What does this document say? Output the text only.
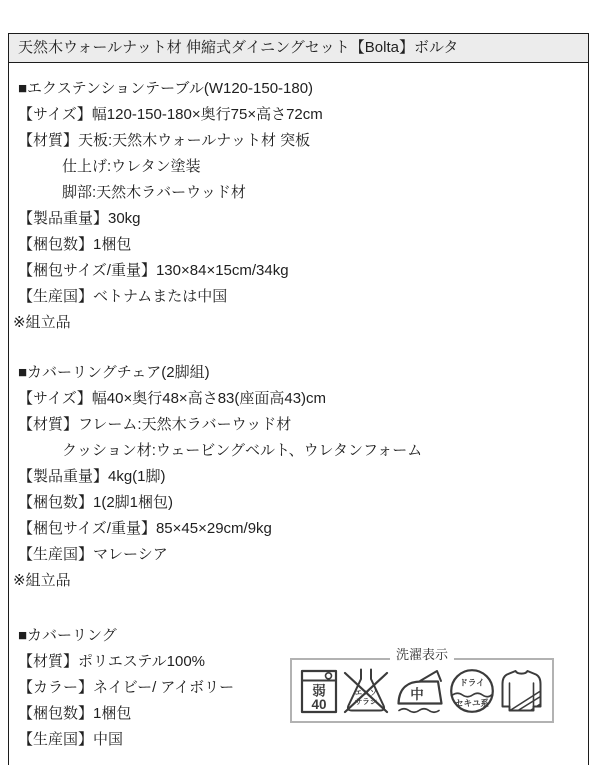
天然木ウォールナット材 伸縮式ダイニングセット【Bolta】ボルタ
■エクステンションテーブル(W120-150-180)
【サイズ】幅120-150-180×奥行75×高さ72cm
【材質】天板:天然木ウォールナット材 突板
仕上げ:ウレタン塗装
脚部:天然木ラバーウッド材
【製品重量】30kg
【梱包数】1梱包
【梱包サイズ/重量】130×84×15cm/34kg
【生産国】ベトナムまたは中国
※組立品
■カバーリングチェア(2脚組)
【サイズ】幅40×奥行48×高さ83(座面高43)cm
【材質】フレーム:天然木ラバーウッド材
クッション材:ウェービングベルト、ウレタンフォーム
【製品重量】4kg(1脚)
【梱包数】1(2脚1梱包)
【梱包サイズ/重量】85×45×29cm/9kg
【生産国】マレーシア
※組立品
■カバーリング
【材質】ポリエステル100%
【カラー】ネイビー/ アイボリー
【梱包数】1梱包
【生産国】中国
洗濯表示
弱
40
エンソ
サラシ 中
ドライ
セキユ系
